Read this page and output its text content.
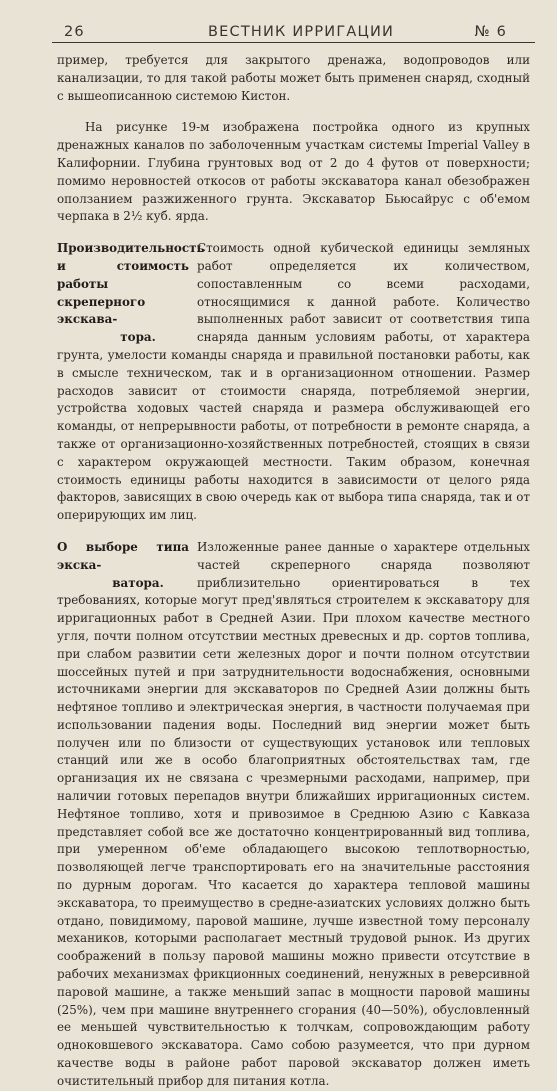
26	ВЕСТНИК ИРРИГАЦИИ	№ 6

пример, требуется для закрытого дренажа, водопроводов или канализации, то для такой работы может быть применен снаряд, сходный с вышеописанною системою Кистон.

На рисунке 19-м изображена постройка одного из крупных дренажных каналов по заболоченным участкам системы Imperial Valley в Калифорнии. Глубина грунтовых вод от 2 до 4 футов от поверхности; помимо неровностей откосов от работы экскаватора канал обезображен оползанием разжиженного грунта. Экскаватор Бьюсайрус с об'емом черпака в 2½ куб. ярда.

Производительность
и стоимость работы
скреперного экскава-

тора.

Стоимость одной кубической единицы земляных работ определяется их количеством, сопоставленным со всеми расходами, относящимися к данной работе. Количество выполненных работ зависит от соответствия типа снаряда данным условиям работы, от характера грунта, умелости команды снаряда и правильной постановки работы, как в смысле техническом, так и в организационном отношении. Размер расходов зависит от стоимости снаряда, потребляемой энергии, устройства ходовых частей снаряда и размера обслуживающей его команды, от непрерывности работы, от потребности в ремонте снаряда, а также от организационно-хозяйственных потребностей, стоящих в связи с характером окружающей местности. Таким образом, конечная стоимость единицы работы находится в зависимости от целого ряда факторов, зависящих в свою очередь как от выбора типа снаряда, так и от оперирующих им лиц.

О выборе типа экска-

ватора.

Изложенные ранее данные о характере отдельных частей скреперного снаряда позволяют приблизительно ориентироваться в тех требованиях, которые могут пред'являться строителем к экскаватору для ирригационных работ в Средней Азии. При плохом качестве местного угля, почти полном отсутствии местных древесных и др. сортов топлива, при слабом развитии сети железных дорог и почти полном отсутствии шоссейных путей и при затруднительности водоснабжения, основными источниками энергии для экскаваторов по Средней Азии должны быть нефтяное топливо и электрическая энергия, в частности получаемая при использовании падения воды. Последний вид энергии может быть получен или по близости от существующих установок или тепловых станций или же в особо благоприятных обстоятельствах там, где организация их не связана с чрезмерными расходами, например, при наличии готовых перепадов внутри ближайших ирригационных систем. Нефтяное топливо, хотя и привозимое в Среднюю Азию с Кавказа представляет собой все же достаточно концентрированный вид топлива, при умеренном об'еме обладающего высокою теплотворностью, позволяющей легче транспортировать его на значительные расстояния по дурным дорогам. Что касается до характера тепловой машины экскаватора, то преимущество в средне-азиатских условиях должно быть отдано, повидимому, паровой машине, лучше известной тому персоналу механиков, которыми располагает местный трудовой рынок. Из других соображений в пользу паровой машины можно привести отсутствие в рабочих механизмах фрикционных соединений, ненужных в реверсивной паровой машине, а также меньший запас в мощности паровой машины (25%), чем при машине внутреннего сгорания (40—50%), обусловленный ее меньшей чувствительностью к толчкам, сопровождающим работу одноковшевого экскаватора. Само собою разумеется, что при дурном качестве воды в районе работ паровой экскаватор должен иметь очистительный прибор для питания котла.
